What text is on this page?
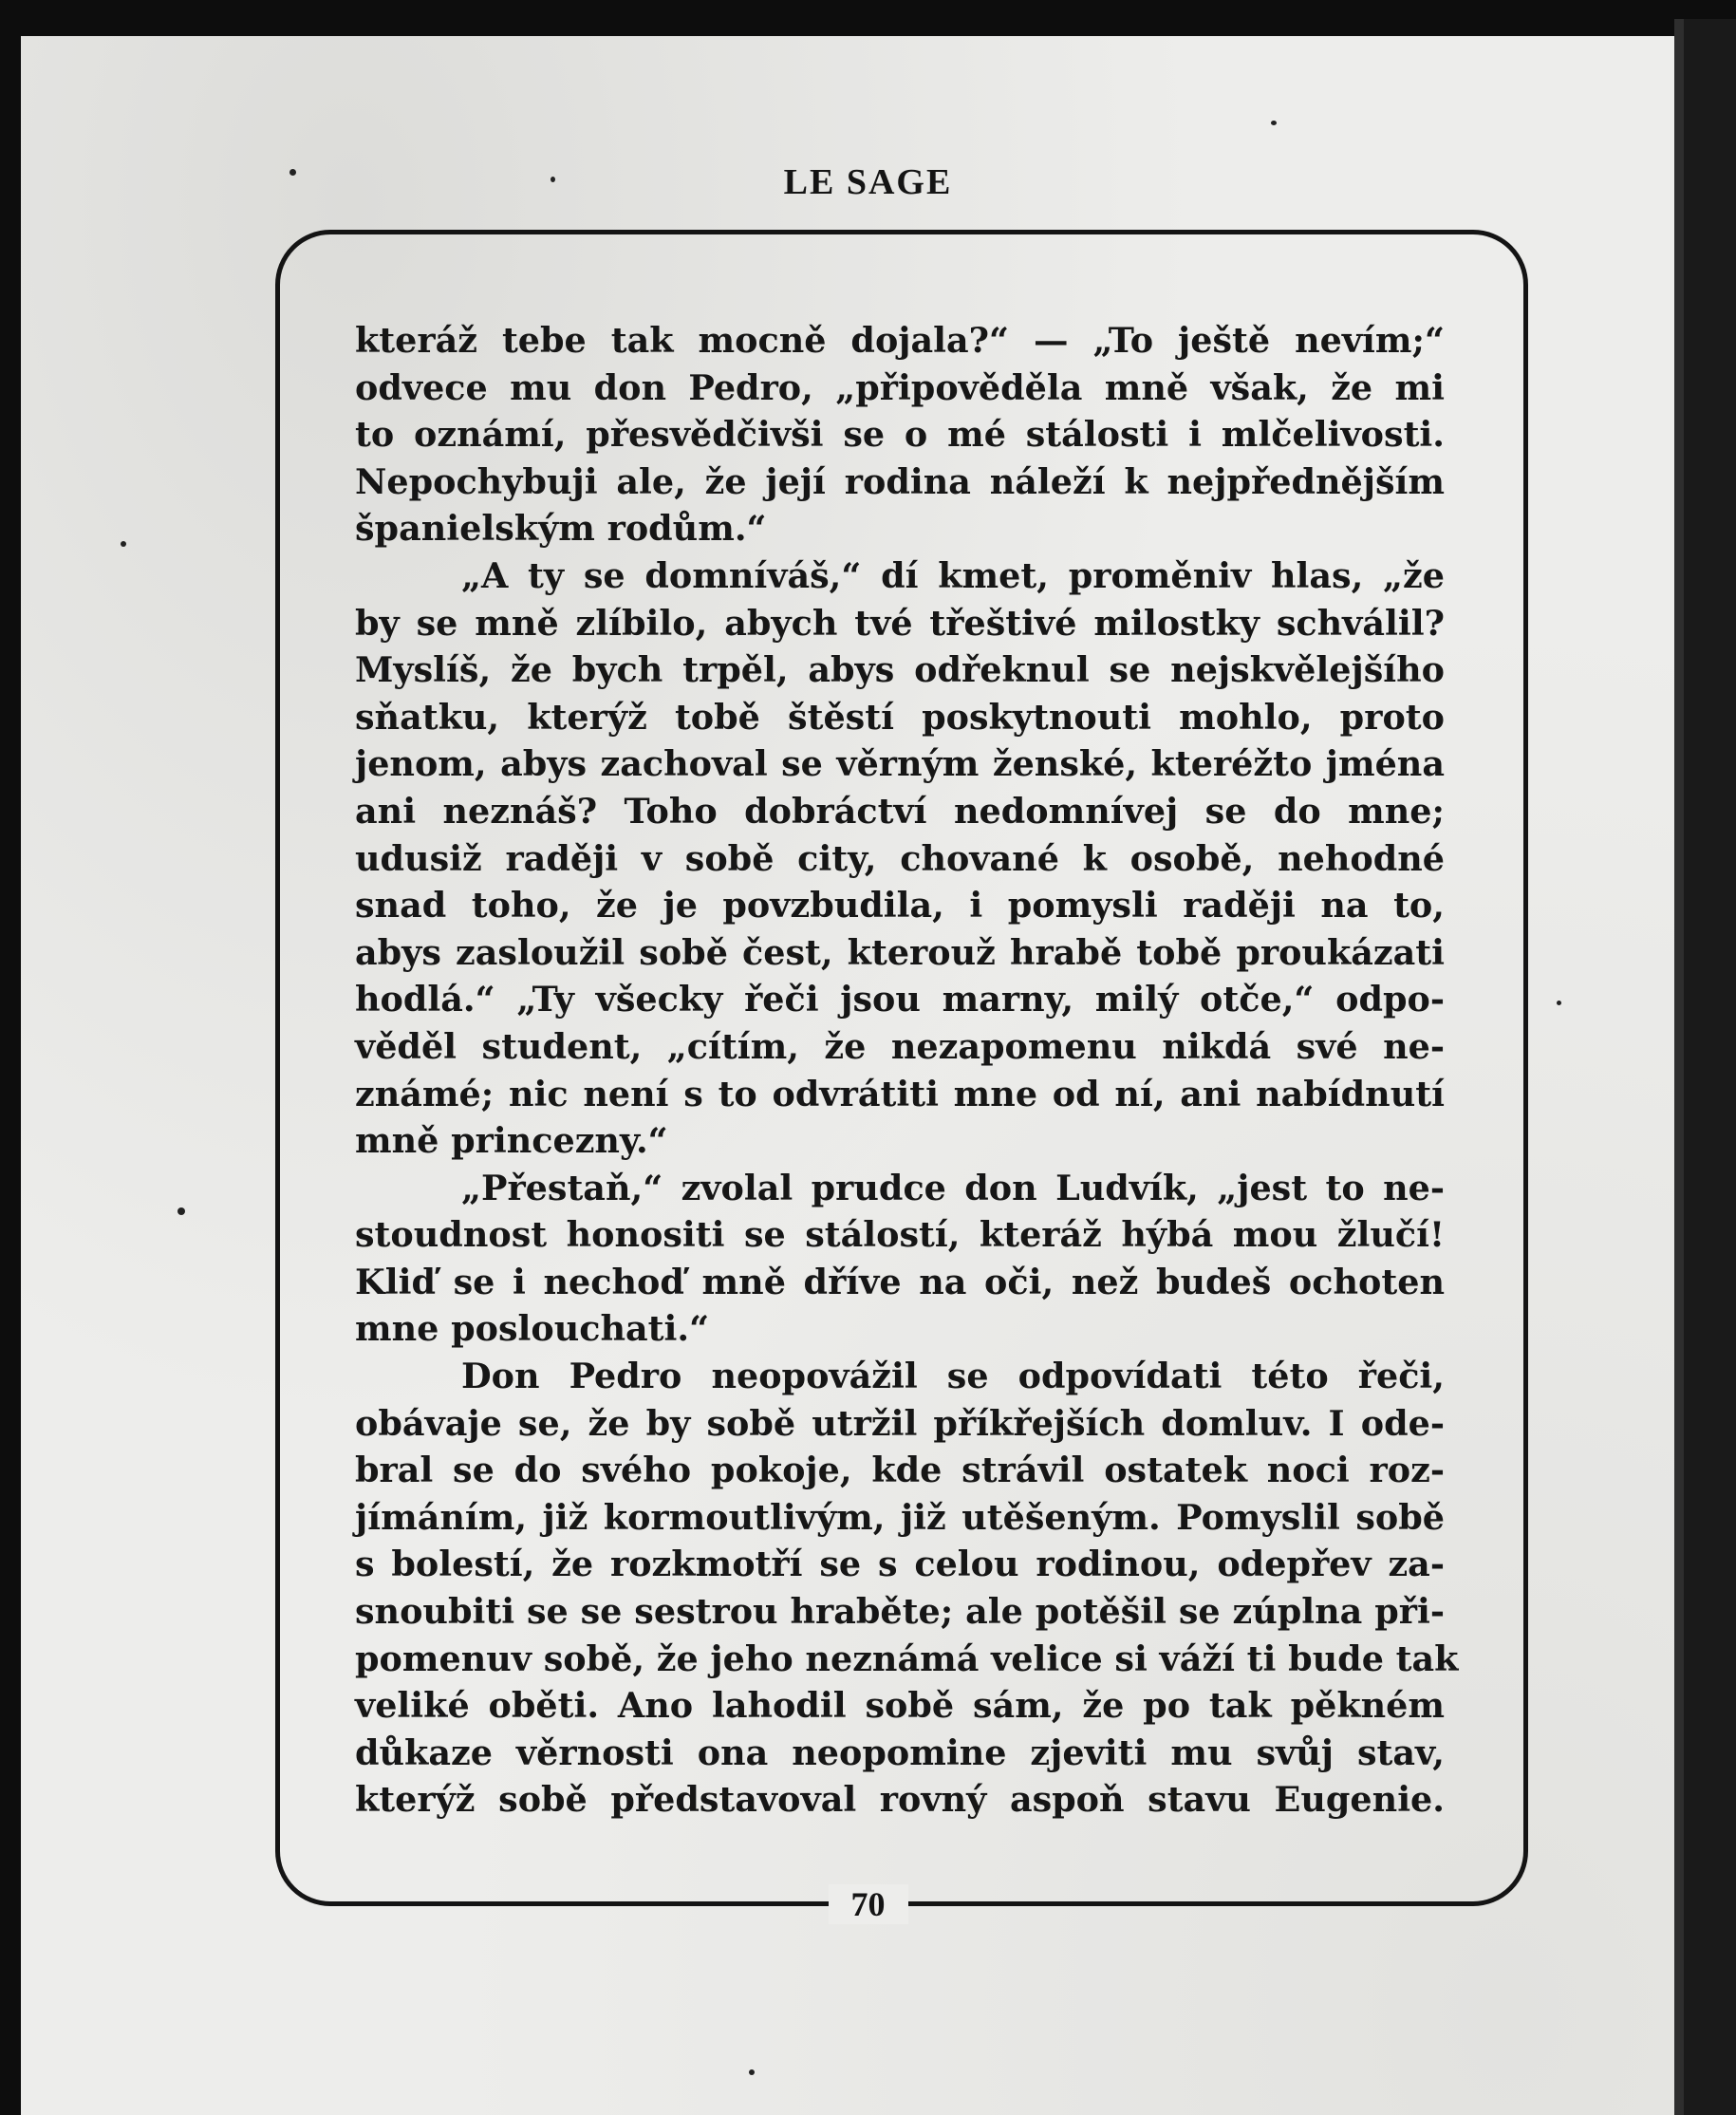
LE SAGE
kteráž tebe tak mocně dojala?“ — „To ještě nevím;“
odvece mu don Pedro, „připověděla mně však, že mi
to oznámí, přesvědčivši se o mé stálosti i mlčelivosti.
Nepochybuji ale, že její rodina náleží k nejpřednějším
španielským rodům.“
„A ty se domníváš,“ dí kmet, proměniv hlas, „že
by se mně zlíbilo, abych tvé třeštivé milostky schválil?
Myslíš, že bych trpěl, abys odřeknul se nejskvělejšího
sňatku, kterýž tobě štěstí poskytnouti mohlo, proto
jenom, abys zachoval se věrným ženské, kteréžto jména
ani neznáš? Toho dobráctví nedomnívej se do mne;
udusiž raději v sobě city, chované k osobě, nehodné
snad toho, že je povzbudila, i pomysli raději na to,
abys zasloužil sobě čest, kterouž hrabě tobě proukázati
hodlá.“ „Ty všecky řeči jsou marny, milý otče,“ odpo-
věděl student, „cítím, že nezapomenu nikdá své ne-
známé; nic není s to odvrátiti mne od ní, ani nabídnutí
mně princezny.“
„Přestaň,“ zvolal prudce don Ludvík, „jest to ne-
stoudnost honositi se stálostí, kteráž hýbá mou žlučí!
Kliď se i nechoď mně dříve na oči, než budeš ochoten
mne poslouchati.“
Don Pedro neopovážil se odpovídati této řeči,
obávaje se, že by sobě utržil příkřejších domluv. I ode-
bral se do svého pokoje, kde strávil ostatek noci roz-
jímáním, již kormoutlivým, již utěšeným. Pomyslil sobě
s bolestí, že rozkmotří se s celou rodinou, odepřev za-
snoubiti se se sestrou hraběte; ale potěšil se zúplna při-
pomenuv sobě, že jeho neznámá velice si váží ti bude tak
veliké oběti. Ano lahodil sobě sám, že po tak pěkném
důkaze věrnosti ona neopomine zjeviti mu svůj stav,
kterýž sobě představoval rovný aspoň stavu Eugenie.
70
